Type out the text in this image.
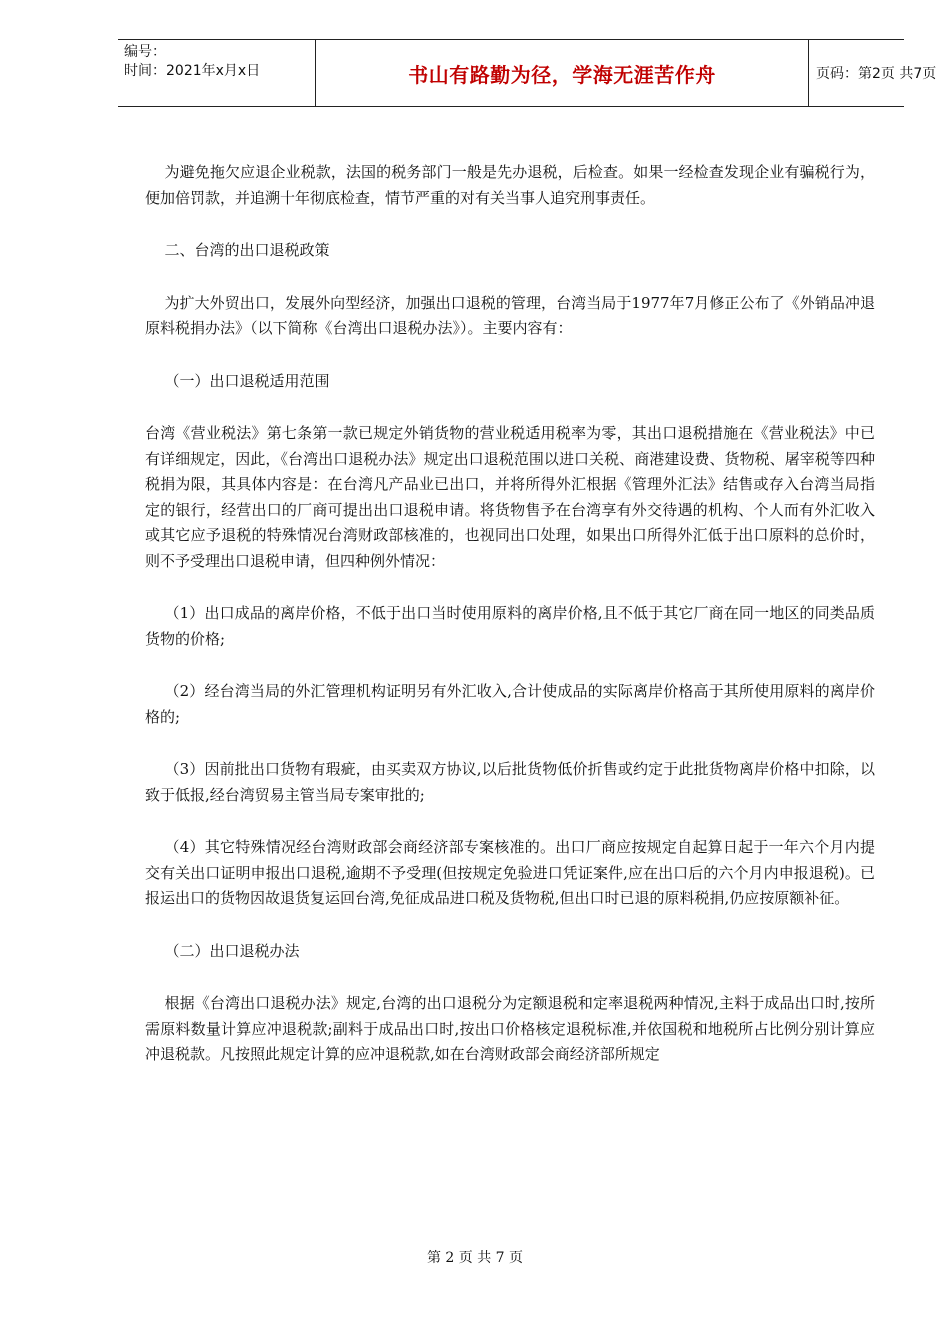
编号：
时间：2021年x月x日	书山有路勤为径，学海无涯苦作舟	页码：第2页 共7页

为避免拖欠应退企业税款，法国的税务部门一般是先办退税，后检查。如果一经检查发现企业有骗税行为，便加倍罚款，并追溯十年彻底检查，情节严重的对有关当事人追究刑事责任。

二、台湾的出口退税政策

为扩大外贸出口，发展外向型经济，加强出口退税的管理，台湾当局于1977年7月修正公布了《外销品冲退原料税捐办法》（以下简称《台湾出口退税办法》）。主要内容有：

（一）出口退税适用范围

台湾《营业税法》第七条第一款已规定外销货物的营业税适用税率为零，其出口退税措施在《营业税法》中已有详细规定，因此，《台湾出口退税办法》规定出口退税范围以进口关税、商港建设费、货物税、屠宰税等四种税捐为限，其具体内容是：在台湾凡产品业已出口，并将所得外汇根据《管理外汇法》结售或存入台湾当局指定的银行，经营出口的厂商可提出出口退税申请。将货物售予在台湾享有外交待遇的机构、个人而有外汇收入或其它应予退税的特殊情况台湾财政部核准的，也视同出口处理，如果出口所得外汇低于出口原料的总价时，则不予受理出口退税申请，但四种例外情况：

（1）出口成品的离岸价格，不低于出口当时使用原料的离岸价格,且不低于其它厂商在同一地区的同类品质货物的价格;

（2）经台湾当局的外汇管理机构证明另有外汇收入,合计使成品的实际离岸价格高于其所使用原料的离岸价格的;

（3）因前批出口货物有瑕疵，由买卖双方协议,以后批货物低价折售或约定于此批货物离岸价格中扣除，以致于低报,经台湾贸易主管当局专案审批的;

（4）其它特殊情况经台湾财政部会商经济部专案核准的。出口厂商应按规定自起算日起于一年六个月内提交有关出口证明申报出口退税,逾期不予受理(但按规定免验进口凭证案件,应在出口后的六个月内申报退税)。已报运出口的货物因故退货复运回台湾,免征成品进口税及货物税,但出口时已退的原料税捐,仍应按原额补征。

（二）出口退税办法

根据《台湾出口退税办法》规定,台湾的出口退税分为定额退税和定率退税两种情况,主料于成品出口时,按所需原料数量计算应冲退税款;副料于成品出口时,按出口价格核定退税标准,并依国税和地税所占比例分别计算应冲退税款。凡按照此规定计算的应冲退税款,如在台湾财政部会商经济部所规定

第 2 页 共 7 页
